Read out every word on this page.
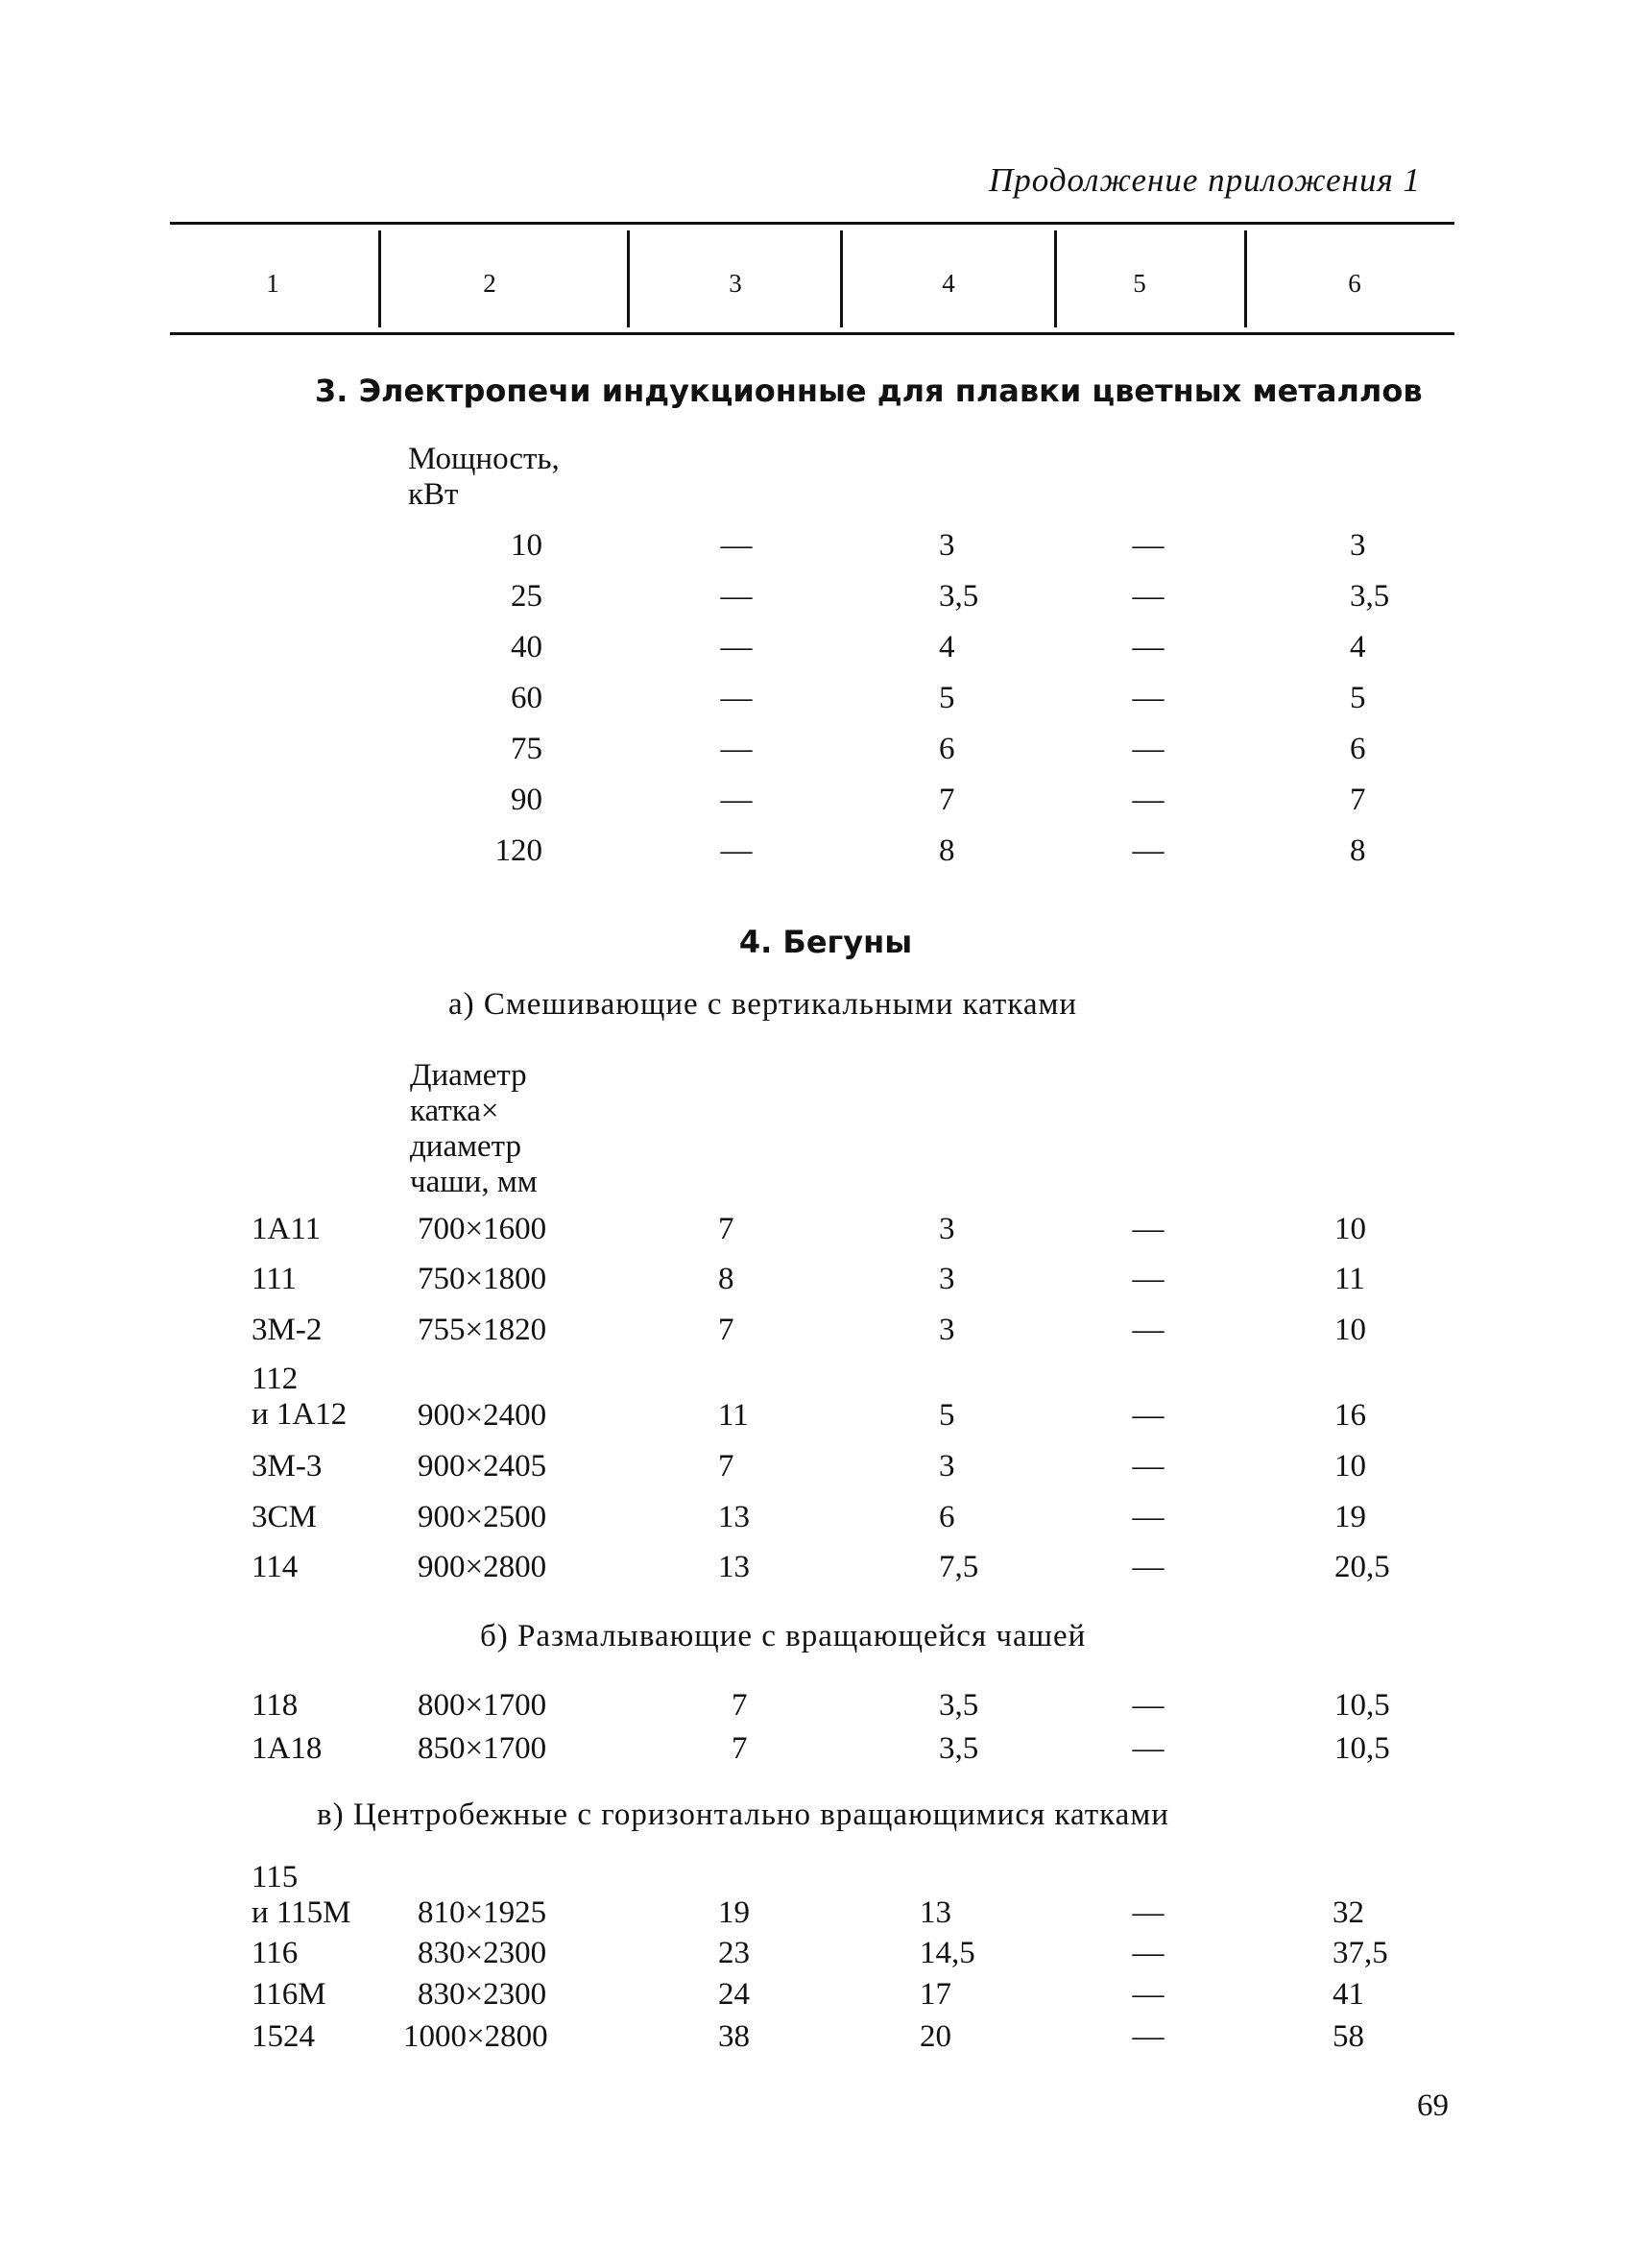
Продолжение приложения 1
1	2	3	4	5	6
3. Электропечи индукционные для плавки цветных металлов
Мощность,
кВт
10	—	3	—	3
25	—	3,5	—	3,5
40	—	4	—	4
60	—	5	—	5
75	—	6	—	6
90	—	7	—	7
120	—	8	—	8
4. Бегуны
а) Смешивающие с вертикальными катками
Диаметр
катка×
диаметр
чаши, мм
1А11	700×1600	7	3	—	10
111	750×1800	8	3	—	11
3М-2	755×1820	7	3	—	10
112
и 1А12 900×2400	11	5	—	16
3М-3	900×2405	7	3	—	10
3СМ	900×2500	13	6	—	19
114	900×2800	13	7,5	—	20,5
б) Размалывающие с вращающейся чашей
118	800×1700	7	3,5	—	10,5
1А18	850×1700	7	3,5	—	10,5
в) Центробежные с горизонтально вращающимися катками
115
и 115М 810×1925	19	13	—	32
116	830×2300	23	14,5	—	37,5
116М	830×2300	24	17	—	41
1524	1000×2800	38	20	—	58
69
